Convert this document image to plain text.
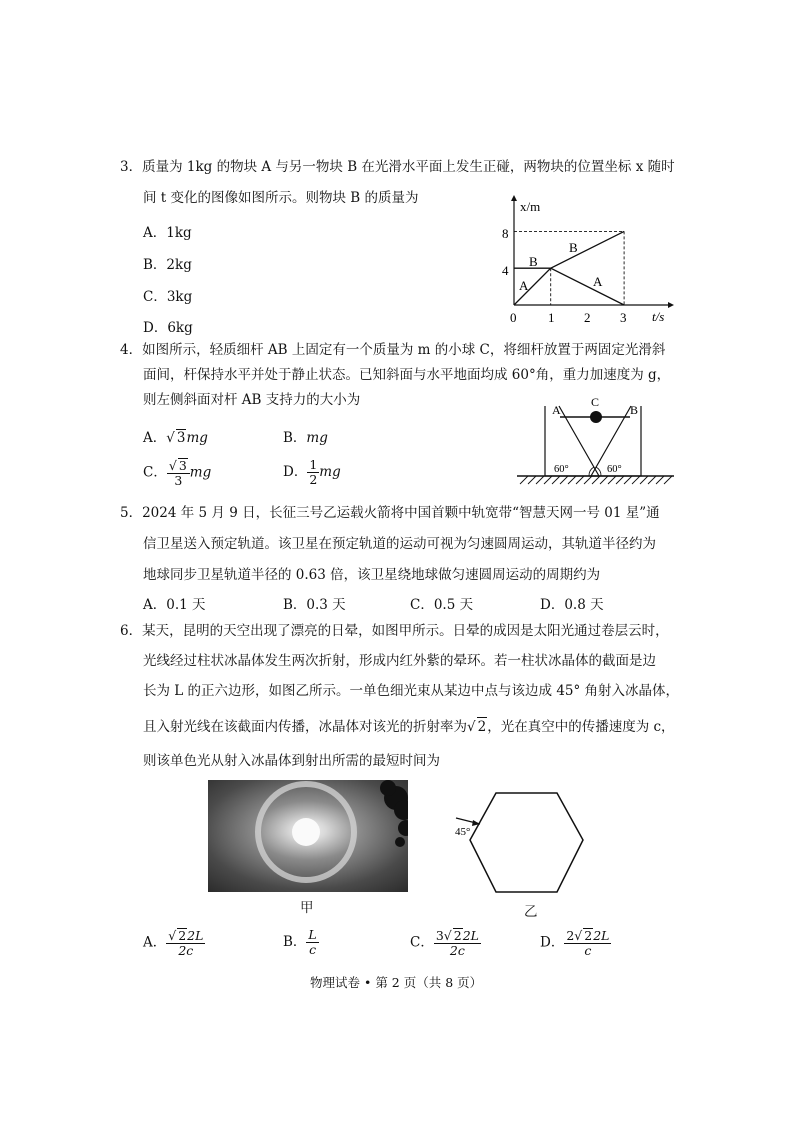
3．质量为 1kg 的物块 A 与另一物块 B 在光滑水平面上发生正碰，两物块的位置坐标 x 随时
间 t 变化的图像如图所示。则物块 B 的质量为
A．1kg
B．2kg
C．3kg
D．6kg
x/m
t/s
8
4
0 1 2 3
A
B
B
A
4．如图所示，轻质细杆 AB 上固定有一个质量为 m 的小球 C，将细杆放置于两固定光滑斜
面间，杆保持水平并处于静止状态。已知斜面与水平地面均成 60°角，重力加速度为 g，
则左侧斜面对杆 AB 支持力的大小为
A．√ 3mg	B．mg
C． $\frac{√ 3}{3}$ mg	D． $\frac{1}{2}$ mg
A
C
B
60°	60°
5．2024 年 5 月 9 日，长征三号乙运载火箭将中国首颗中轨宽带“智慧天网一号 01 星”通
信卫星送入预定轨道。该卫星在预定轨道的运动可视为匀速圆周运动，其轨道半径约为
地球同步卫星轨道半径的 0.63 倍，该卫星绕地球做匀速圆周运动的周期约为
A．0.1 天	B．0.3 天	C．0.5 天	D．0.8 天
6．某天，昆明的天空出现了漂亮的日晕，如图甲所示。日晕的成因是太阳光通过卷层云时，
光线经过柱状冰晶体发生两次折射，形成内红外紫的晕环。若一柱状冰晶体的截面是边
长为 L 的正六边形，如图乙所示。一单色细光束从某边中点与该边成 45° 角射入冰晶体，
且入射光线在该截面内传播，冰晶体对该光的折射率为√ 2，光在真空中的传播速度为 c，
则该单色光从射入冰晶体到射出所需的最短时间为
甲
45°
乙
A． $\frac{√ 22L}{2c}$	B． $\frac{L}{c}$	C． $\frac{3√ 22L}{2c}$	D． $\frac{2√ 22L}{c}$
物理试卷 • 第 2 页（共 8 页）
